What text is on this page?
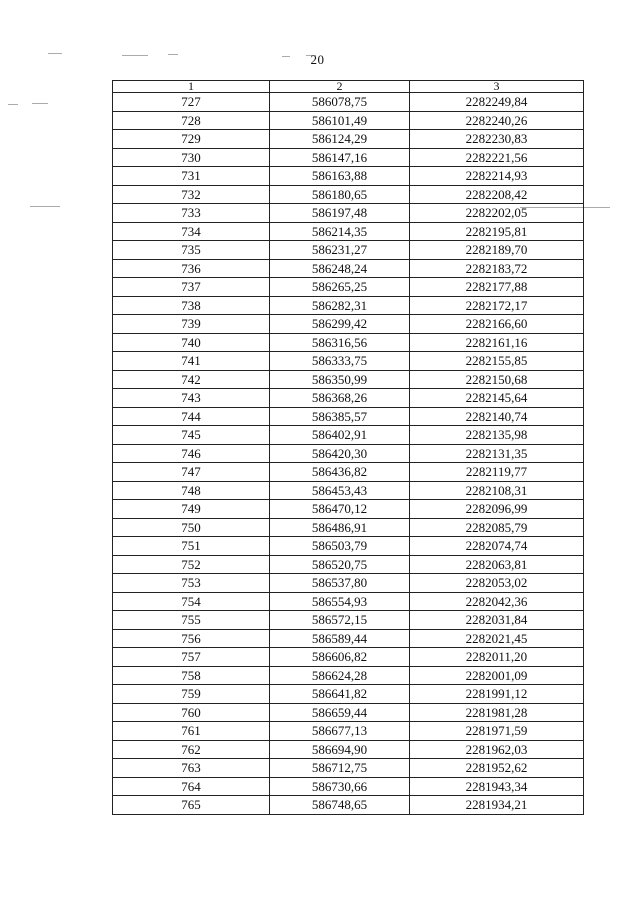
20
1	2	3
727	586078,75	2282249,84
728	586101,49	2282240,26
729	586124,29	2282230,83
730	586147,16	2282221,56
731	586163,88	2282214,93
732	586180,65	2282208,42
733	586197,48	2282202,05
734	586214,35	2282195,81
735	586231,27	2282189,70
736	586248,24	2282183,72
737	586265,25	2282177,88
738	586282,31	2282172,17
739	586299,42	2282166,60
740	586316,56	2282161,16
741	586333,75	2282155,85
742	586350,99	2282150,68
743	586368,26	2282145,64
744	586385,57	2282140,74
745	586402,91	2282135,98
746	586420,30	2282131,35
747	586436,82	2282119,77
748	586453,43	2282108,31
749	586470,12	2282096,99
750	586486,91	2282085,79
751	586503,79	2282074,74
752	586520,75	2282063,81
753	586537,80	2282053,02
754	586554,93	2282042,36
755	586572,15	2282031,84
756	586589,44	2282021,45
757	586606,82	2282011,20
758	586624,28	2282001,09
759	586641,82	2281991,12
760	586659,44	2281981,28
761	586677,13	2281971,59
762	586694,90	2281962,03
763	586712,75	2281952,62
764	586730,66	2281943,34
765	586748,65	2281934,21
